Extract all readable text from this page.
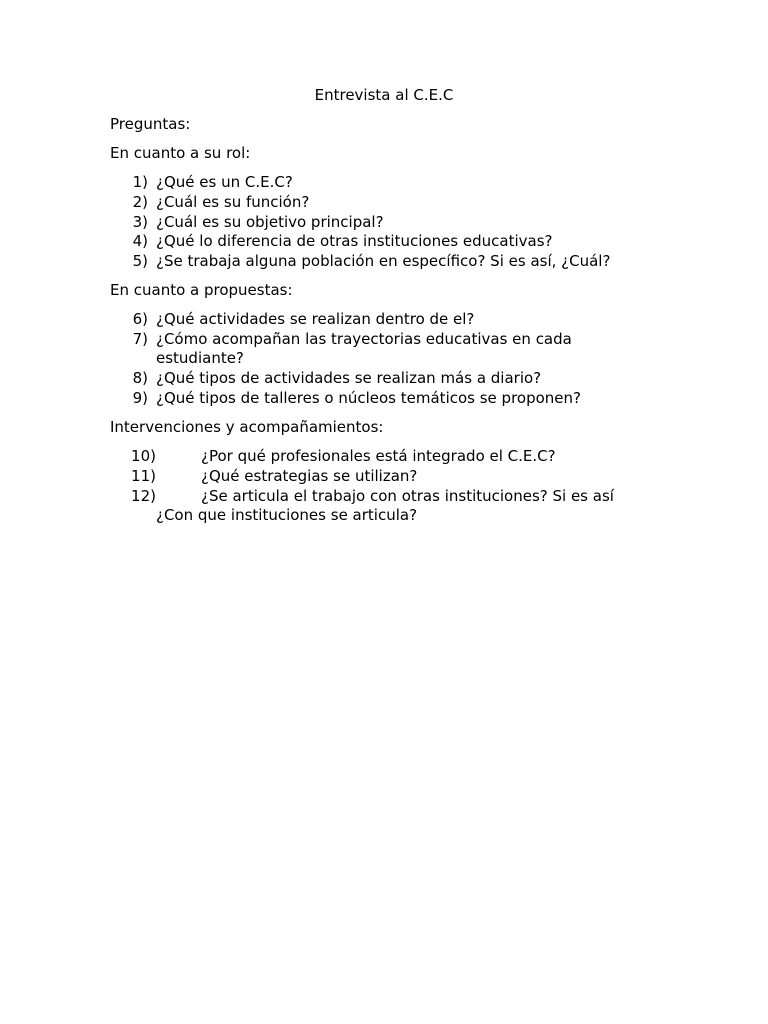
Entrevista al C.E.C
Preguntas:
En cuanto a su rol:
1) ¿Qué es un C.E.C?
2) ¿Cuál es su función?
3) ¿Cuál es su objetivo principal?
4) ¿Qué lo diferencia de otras instituciones educativas?
5) ¿Se trabaja alguna población en específico? Si es así, ¿Cuál?
En cuanto a propuestas:
6) ¿Qué actividades se realizan dentro de el?
7) ¿Cómo acompañan las trayectorias educativas en cada
estudiante?
8) ¿Qué tipos de actividades se realizan más a diario?
9) ¿Qué tipos de talleres o núcleos temáticos se proponen?
Intervenciones y acompañamientos:
10)	¿Por qué profesionales está integrado el C.E.C?
11)	¿Qué estrategias se utilizan?
12)	¿Se articula el trabajo con otras instituciones? Si es así
¿Con que instituciones se articula?
